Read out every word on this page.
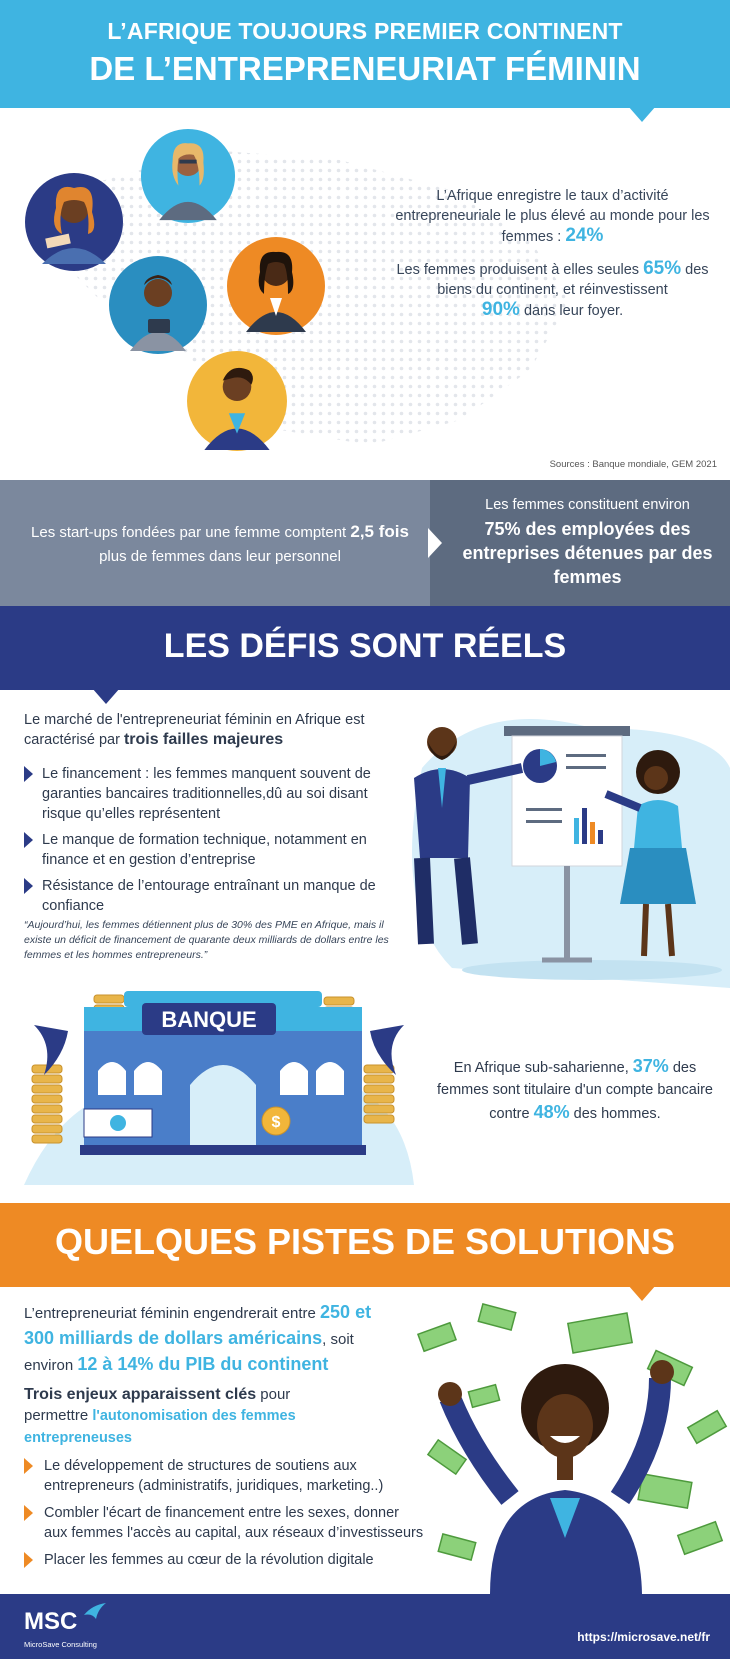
L’AFRIQUE TOUJOURS PREMIER CONTINENT
DE L’ENTREPRENEURIAT FÉMININ

L’Afrique enregistre le taux d’activité entrepreneuriale le plus élevé au monde pour les femmes : 24%

Les femmes produisent à elles seules 65% des biens du continent, et réinvestissent
90% dans leur foyer.

Sources : Banque mondiale, GEM 2021
Les start-ups fondées par une femme comptent 2,5 fois plus de femmes dans leur personnel
Les femmes constituent environ
75% des employées des entreprises détenues par des femmes
LES DÉFIS SONT RÉELS
Le marché de l'entrepreneuriat féminin en Afrique est caractérisé par trois failles majeures
Le financement : les femmes manquent souvent de garanties bancaires traditionnelles,dû au soi disant risque qu’elles représentent
Le manque de formation technique, notamment en finance et en gestion d’entreprise
Résistance de l’entourage entraînant un manque de confiance
“Aujourd’hui, les femmes détiennent plus de 30% des PME en Afrique, mais il existe un déficit de financement de quarante deux milliards de dollars entre les femmes et les hommes entrepreneurs.”
BANQUE
$
En Afrique sub-saharienne, 37% des femmes sont titulaire d'un compte bancaire contre 48% des hommes.
QUELQUES PISTES DE SOLUTIONS
L’entrepreneuriat féminin engendrerait entre 250 et 300 milliards de dollars américains, soit environ 12 à 14% du PIB du continent
Trois enjeux apparaissent clés pour permettre l'autonomisation des femmes entrepreneuses
Le développement de structures de soutiens aux entrepreneurs (administratifs, juridiques, marketing..)
Combler l'écart de financement entre les sexes, donner aux femmes l'accès au capital, aux réseaux d’investisseurs
Placer les femmes au cœur de la révolution digitale
MSC
MicroSave Consulting
https://microsave.net/fr
